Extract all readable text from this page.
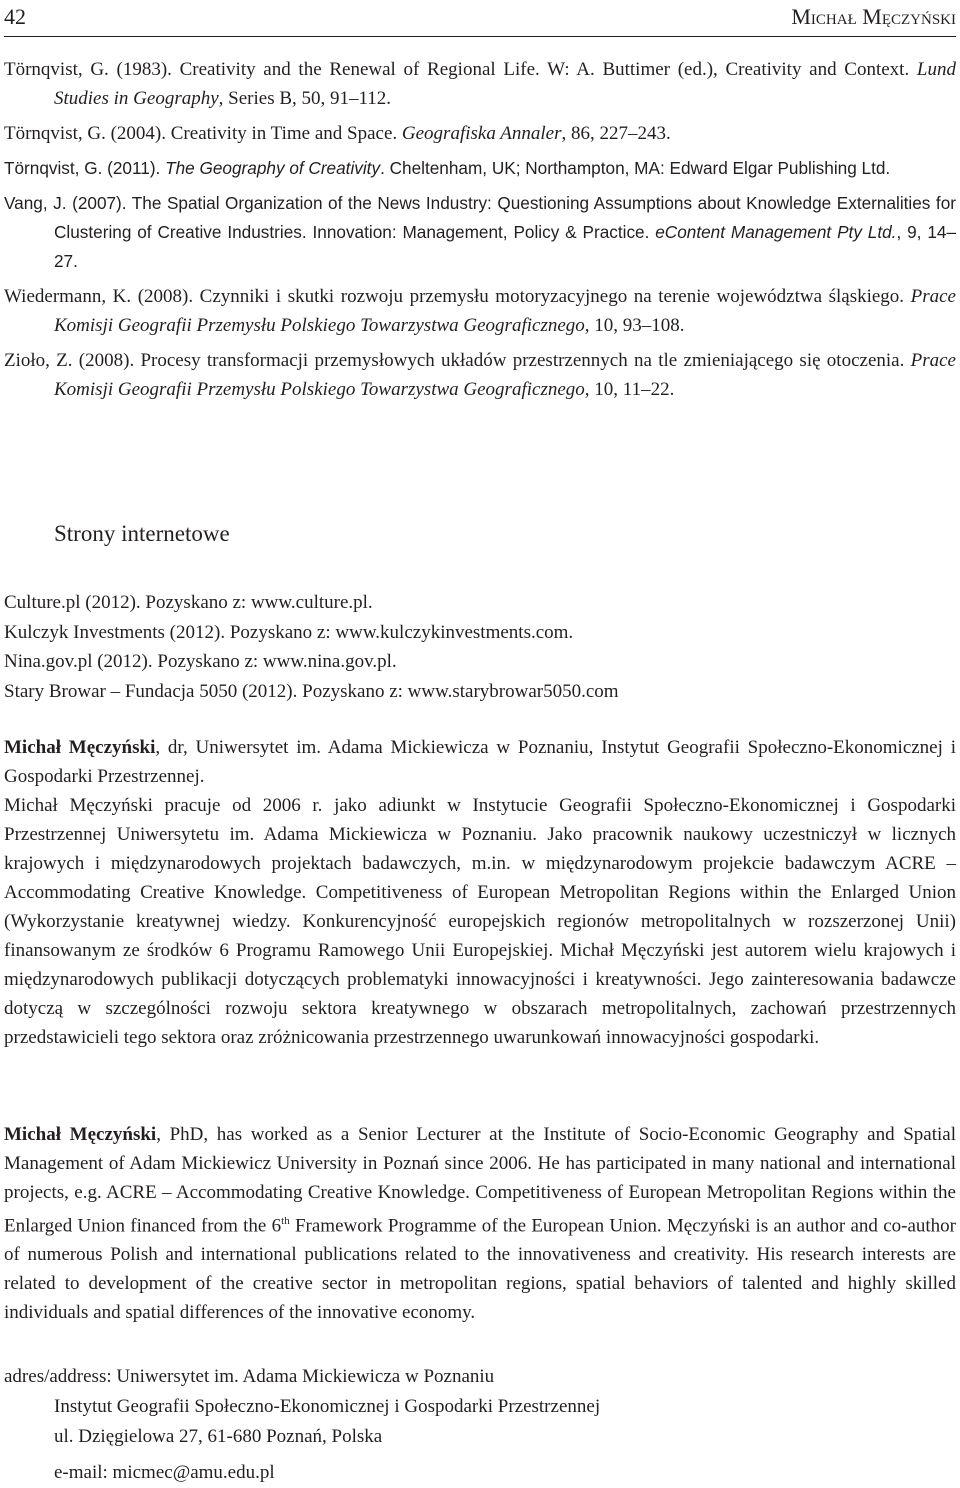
42	Michał Męczyński

Törnqvist, G. (1983). Creativity and the Renewal of Regional Life. W: A. Buttimer (ed.), Creativity and Context. Lund Studies in Geography, Series B, 50, 91–112.

Törnqvist, G. (2004). Creativity in Time and Space. Geografiska Annaler, 86, 227–243.

Törnqvist, G. (2011). The Geography of Creativity. Cheltenham, UK; Northampton, MA: Edward Elgar Publishing Ltd.

Vang, J. (2007). The Spatial Organization of the News Industry: Questioning Assumptions about Knowledge Externalities for Clustering of Creative Industries. Innovation: Management, Policy & Practice. eContent Management Pty Ltd., 9, 14–27.

Wiedermann, K. (2008). Czynniki i skutki rozwoju przemysłu motoryzacyjnego na terenie województwa śląskiego. Prace Komisji Geografii Przemysłu Polskiego Towarzystwa Geograficznego, 10, 93–108.

Zioło, Z. (2008). Procesy transformacji przemysłowych układów przestrzennych na tle zmieniającego się otoczenia. Prace Komisji Geografii Przemysłu Polskiego Towarzystwa Geograficznego, 10, 11–22.

Strony internetowe
Culture.pl (2012). Pozyskano z: www.culture.pl.
Kulczyk Investments (2012). Pozyskano z: www.kulczykinvestments.com.
Nina.gov.pl (2012). Pozyskano z: www.nina.gov.pl.
Stary Browar – Fundacja 5050 (2012). Pozyskano z: www.starybrowar5050.com

Michał Męczyński, dr, Uniwersytet im. Adama Mickiewicza w Poznaniu, Instytut Geografii Społeczno-Ekonomicznej i Gospodarki Przestrzennej.

Michał Męczyński pracuje od 2006 r. jako adiunkt w Instytucie Geografii Społeczno-Ekonomicznej i Gospodarki Przestrzennej Uniwersytetu im. Adama Mickiewicza w Poznaniu. Jako pracownik naukowy uczestniczył w licznych krajowych i międzynarodowych projektach badawczych, m.in. w międzynarodowym projekcie badawczym ACRE – Accommodating Creative Knowledge. Competitiveness of European Metropolitan Regions within the Enlarged Union (Wykorzystanie kreatywnej wiedzy. Konkurencyjność europejskich regionów metropolitalnych w rozszerzonej Unii) finansowanym ze środków 6 Programu Ramowego Unii Europejskiej. Michał Męczyński jest autorem wielu krajowych i międzynarodowych publikacji dotyczących problematyki innowacyjności i kreatywności. Jego zainteresowania badawcze dotyczą w szczególności rozwoju sektora kreatywnego w obszarach metropolitalnych, zachowań przestrzennych przedstawicieli tego sektora oraz zróżnicowania przestrzennego uwarunkowań innowacyjności gospodarki.

Michał Męczyński, PhD, has worked as a Senior Lecturer at the Institute of Socio-Economic Geography and Spatial Management of Adam Mickiewicz University in Poznań since 2006. He has participated in many national and international projects, e.g. ACRE – Accommodating Creative Knowledge. Competitiveness of European Metropolitan Regions within the Enlarged Union financed from the 6th Framework Programme of the European Union. Męczyński is an author and co-author of numerous Polish and international publications related to the innovativeness and creativity. His research interests are related to development of the creative sector in metropolitan regions, spatial behaviors of talented and highly skilled individuals and spatial differences of the innovative economy.

adres/address: Uniwersytet im. Adama Mickiewicza w Poznaniu
Instytut Geografii Społeczno-Ekonomicznej i Gospodarki Przestrzennej
ul. Dzięgielowa 27, 61-680 Poznań, Polska
e-mail: micmec@amu.edu.pl
